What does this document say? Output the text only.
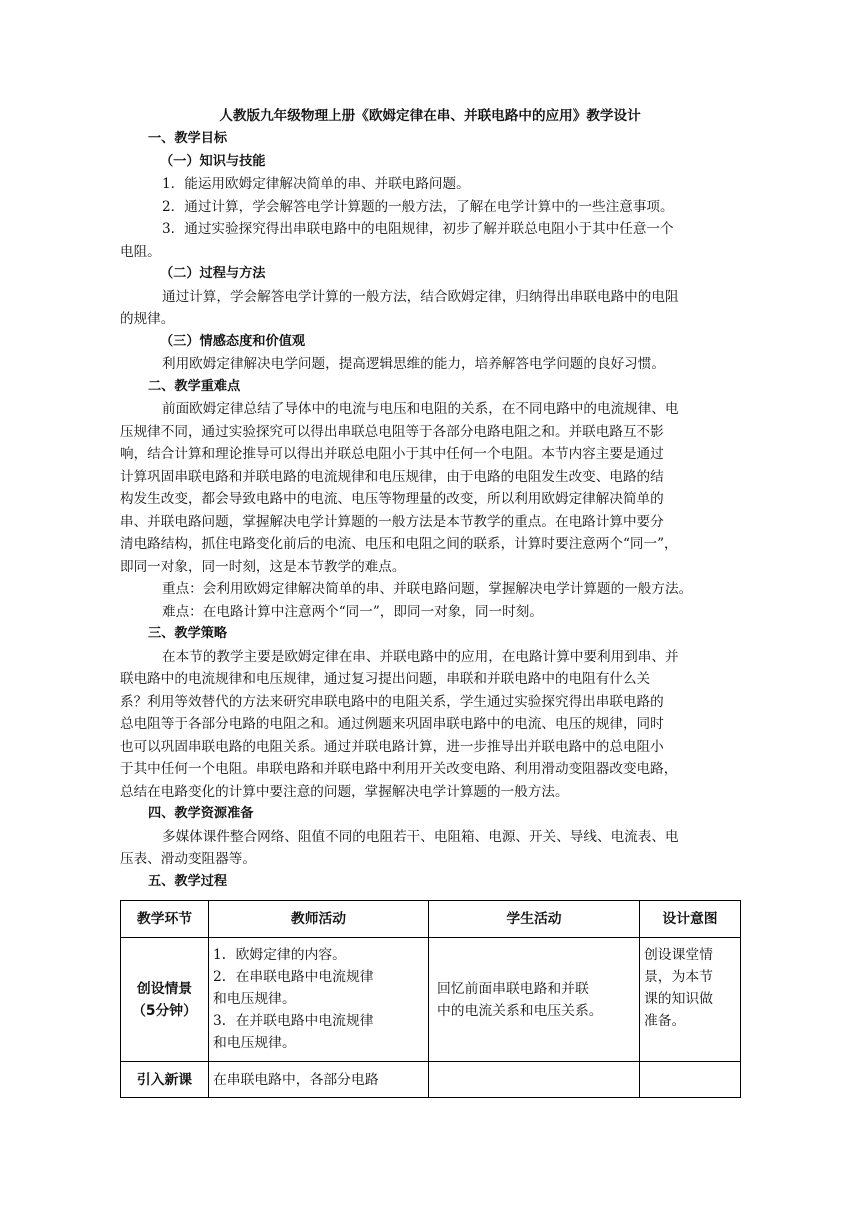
人教版九年级物理上册《欧姆定律在串、并联电路中的应用》教学设计
一、教学目标
（一）知识与技能
1．能运用欧姆定律解决简单的串、并联电路问题。
2．通过计算，学会解答电学计算题的一般方法，了解在电学计算中的一些注意事项。
3．通过实验探究得出串联电路中的电阻规律，初步了解并联总电阻小于其中任意一个
电阻。
（二）过程与方法
通过计算，学会解答电学计算的一般方法，结合欧姆定律，归纳得出串联电路中的电阻
的规律。
（三）情感态度和价值观
利用欧姆定律解决电学问题，提高逻辑思维的能力，培养解答电学问题的良好习惯。
二、教学重难点
前面欧姆定律总结了导体中的电流与电压和电阻的关系，在不同电路中的电流规律、电
压规律不同，通过实验探究可以得出串联总电阻等于各部分电路电阻之和。并联电路互不影
响，结合计算和理论推导可以得出并联总电阻小于其中任何一个电阻。本节内容主要是通过
计算巩固串联电路和并联电路的电流规律和电压规律，由于电路的电阻发生改变、电路的结
构发生改变，都会导致电路中的电流、电压等物理量的改变，所以利用欧姆定律解决简单的
串、并联电路问题，掌握解决电学计算题的一般方法是本节教学的重点。在电路计算中要分
清电路结构，抓住电路变化前后的电流、电压和电阻之间的联系，计算时要注意两个“同一”，
即同一对象，同一时刻，这是本节教学的难点。
重点：会利用欧姆定律解决简单的串、并联电路问题，掌握解决电学计算题的一般方法。
难点：在电路计算中注意两个“同一”，即同一对象，同一时刻。
三、教学策略
在本节的教学主要是欧姆定律在串、并联电路中的应用，在电路计算中要利用到串、并
联电路中的电流规律和电压规律，通过复习提出问题，串联和并联电路中的电阻有什么关
系？利用等效替代的方法来研究串联电路中的电阻关系，学生通过实验探究得出串联电路的
总电阻等于各部分电路的电阻之和。通过例题来巩固串联电路中的电流、电压的规律，同时
也可以巩固串联电路的电阻关系。通过并联电路计算，进一步推导出并联电路中的总电阻小
于其中任何一个电阻。串联电路和并联电路中利用开关改变电路、利用滑动变阻器改变电路，
总结在电路变化的计算中要注意的问题，掌握解决电学计算题的一般方法。
四、教学资源准备
多媒体课件整合网络、阻值不同的电阻若干、电阻箱、电源、开关、导线、电流表、电
压表、滑动变阻器等。
五、教学过程
教学环节	教师活动	学生活动	设计意图

创设情景
（5分钟）	1．欧姆定律的内容。
2．在串联电路中电流规律
和电压规律。
3．在并联电路中电流规律
和电压规律。	回忆前面串联电路和并联
中的电流关系和电压关系。	创设课堂情
景，为本节
课的知识做
准备。

引入新课	在串联电路中，各部分电路		
